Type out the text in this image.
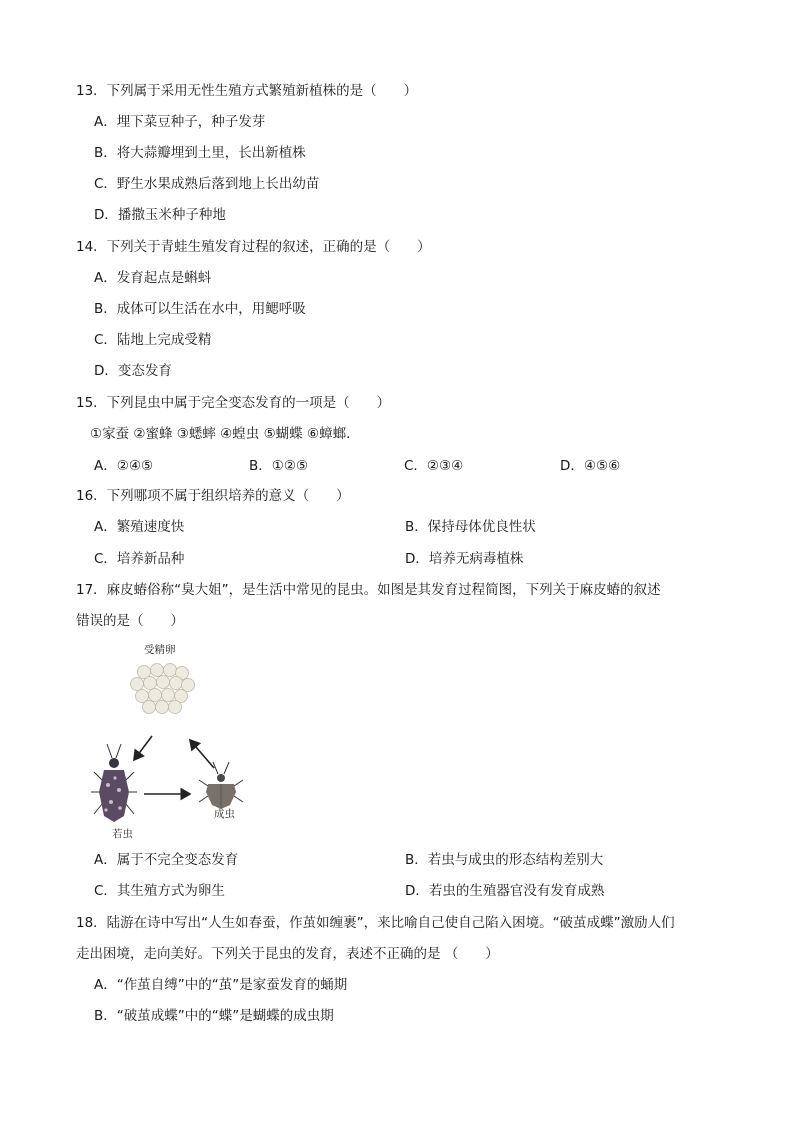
13．下列属于采用无性生殖方式繁殖新植株的是（　　）
A．埋下菜豆种子，种子发芽
B．将大蒜瓣埋到土里，长出新植株
C．野生水果成熟后落到地上长出幼苗
D．播撒玉米种子种地
14．下列关于青蛙生殖发育过程的叙述，正确的是（　　）
A．发育起点是蝌蚪
B．成体可以生活在水中，用鳃呼吸
C．陆地上完成受精
D．变态发育
15．下列昆虫中属于完全变态发育的一项是（　　）
①家蚕 ②蜜蜂 ③蟋蟀 ④蝗虫 ⑤蝴蝶 ⑥蟑螂．
A．②④⑤	B．①②⑤	C．②③④	D．④⑤⑥
16．下列哪项不属于组织培养的意义（　　）
A．繁殖速度快	B．保持母体优良性状
C．培养新品种	D．培养无病毒植株
17．麻皮蝽俗称“臭大姐”，是生活中常见的昆虫。如图是其发育过程简图，下列关于麻皮蝽的叙述
错误的是（　　）
受精卵
若虫
成虫
A．属于不完全变态发育	B．若虫与成虫的形态结构差别大
C．其生殖方式为卵生	D．若虫的生殖器官没有发育成熟
18．陆游在诗中写出“人生如春蚕，作茧如缠裹”，来比喻自己使自己陷入困境。“破茧成蝶”激励人们
走出困境，走向美好。下列关于昆虫的发育，表述不正确的是 （　　）
A．“作茧自缚”中的“茧”是家蚕发育的蛹期
B．“破茧成蝶”中的“蝶”是蝴蝶的成虫期
